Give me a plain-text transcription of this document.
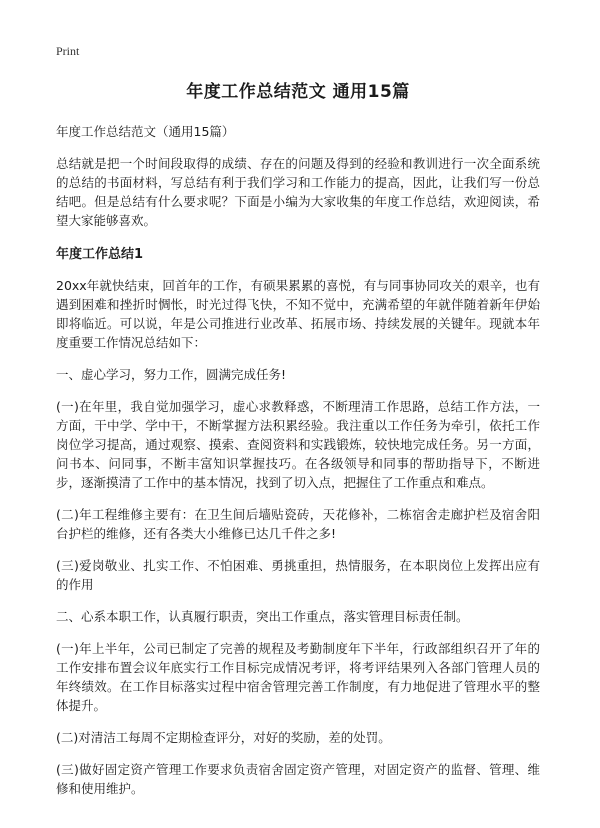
Print
年度工作总结范文 通用15篇

年度工作总结范文（通用15篇）

总结就是把一个时间段取得的成绩、存在的问题及得到的经验和教训进行一次全面系统的总结的书面材料，写总结有利于我们学习和工作能力的提高，因此，让我们写一份总结吧。但是总结有什么要求呢？下面是小编为大家收集的年度工作总结，欢迎阅读，希望大家能够喜欢。

年度工作总结1

20xx年就快结束，回首年的工作，有硕果累累的喜悦，有与同事协同攻关的艰辛，也有遇到困难和挫折时惆怅，时光过得飞快，不知不觉中，充满希望的年就伴随着新年伊始即将临近。可以说，年是公司推进行业改革、拓展市场、持续发展的关键年。现就本年度重要工作情况总结如下：

一、虚心学习，努力工作，圆满完成任务!

(一)在年里，我自觉加强学习，虚心求教释惑，不断理清工作思路，总结工作方法，一方面，干中学、学中干，不断掌握方法积累经验。我注重以工作任务为牵引，依托工作岗位学习提高，通过观察、摸索、查阅资料和实践锻炼，较快地完成任务。另一方面，问书本、问同事，不断丰富知识掌握技巧。在各级领导和同事的帮助指导下，不断进步，逐渐摸清了工作中的基本情况，找到了切入点，把握住了工作重点和难点。

(二)年工程维修主要有：在卫生间后墙贴瓷砖，天花修补，二栋宿舍走廊护栏及宿舍阳台护栏的维修，还有各类大小维修已达几千件之多!

(三)爱岗敬业、扎实工作、不怕困难、勇挑重担，热情服务，在本职岗位上发挥出应有的作用

二、心系本职工作，认真履行职责，突出工作重点，落实管理目标责任制。

(一)年上半年，公司已制定了完善的规程及考勤制度年下半年，行政部组织召开了年的工作安排布置会议年底实行工作目标完成情况考评，将考评结果列入各部门管理人员的年终绩效。在工作目标落实过程中宿舍管理完善工作制度，有力地促进了管理水平的整体提升。

(二)对清洁工每周不定期检查评分，对好的奖励，差的处罚。

(三)做好固定资产管理工作要求负责宿舍固定资产管理，对固定资产的监督、管理、维修和使用维护。
